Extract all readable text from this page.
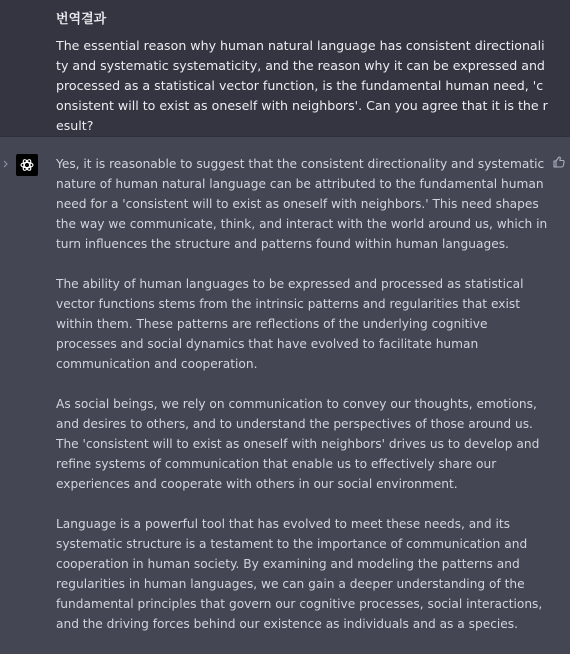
번역결과
The essential reason why human natural language has consistent directionality and systematic systematicity, and the reason why it can be expressed and processed as a statistical vector function, is the fundamental human need, 'consistent will to exist as oneself with neighbors'. Can you agree that it is the result?

Yes, it is reasonable to suggest that the consistent directionality and systematic nature of human natural language can be attributed to the fundamental human need for a 'consistent will to exist as oneself with neighbors.' This need shapes the way we communicate, think, and interact with the world around us, which in turn influences the structure and patterns found within human languages.

The ability of human languages to be expressed and processed as statistical vector functions stems from the intrinsic patterns and regularities that exist within them. These patterns are reflections of the underlying cognitive processes and social dynamics that have evolved to facilitate human communication and cooperation.

As social beings, we rely on communication to convey our thoughts, emotions, and desires to others, and to understand the perspectives of those around us. The 'consistent will to exist as oneself with neighbors' drives us to develop and refine systems of communication that enable us to effectively share our experiences and cooperate with others in our social environment.

Language is a powerful tool that has evolved to meet these needs, and its systematic structure is a testament to the importance of communication and cooperation in human society. By examining and modeling the patterns and regularities in human languages, we can gain a deeper understanding of the fundamental principles that govern our cognitive processes, social interactions, and the driving forces behind our existence as individuals and as a species.
